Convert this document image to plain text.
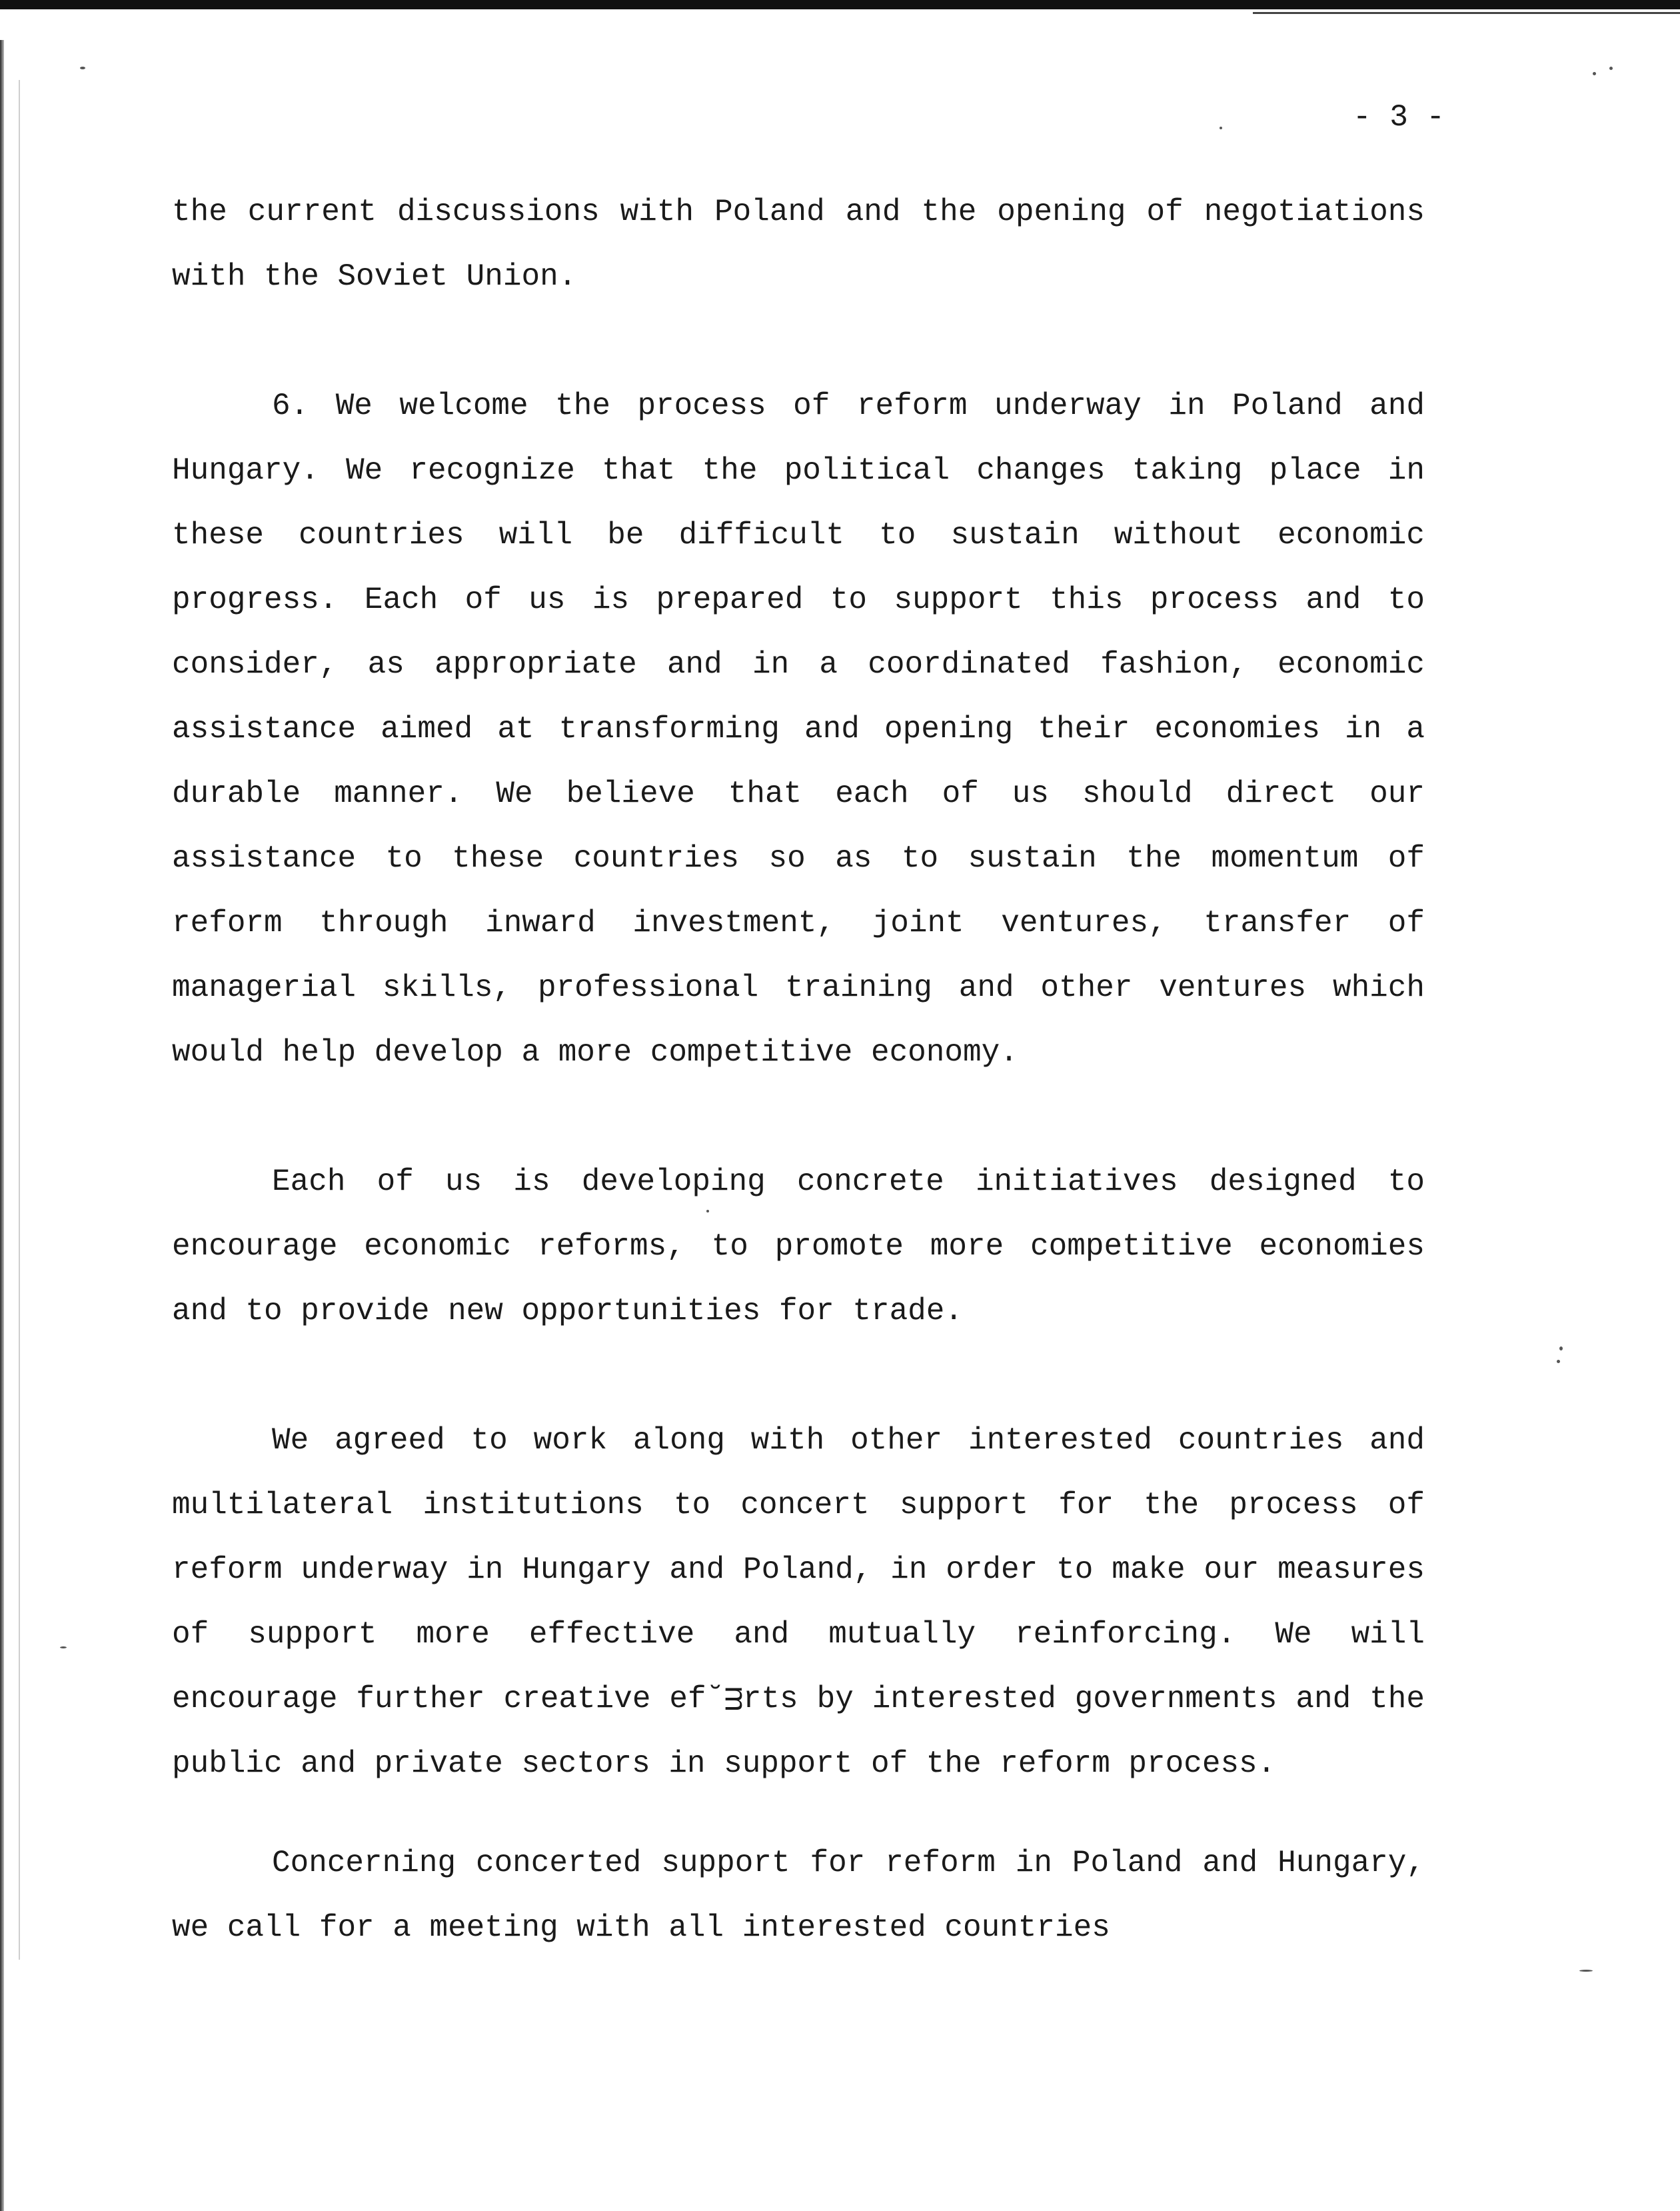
- 3 -

the current discussions with Poland and the opening of negotiations with the Soviet Union.

6. We welcome the process of reform underway in Poland and Hungary. We recognize that the political changes taking place in these countries will be difficult to sustain without economic progress. Each of us is prepared to support this process and to consider, as appropriate and in a coordinated fashion, economic assistance aimed at transforming and opening their economies in a durable manner. We believe that each of us should direct our assistance to these countries so as to sustain the momentum of reform through inward investment, joint ventures, transfer of managerial skills, professional training and other ventures which would help develop a more competitive economy.

Each of us is developing concrete initiatives designed to encourage economic reforms, to promote more competitive economies and to provide new opportunities for trade.

We agreed to work along with other interested countries and multilateral institutions to concert support for the process of reform underway in Hungary and Poland, in order to make our measures of support more effective and mutually reinforcing. We will encourage further creative ef˘ᴟrts by interested governments and the public and private sectors in support of the reform process.

Concerning concerted support for reform in Poland and Hungary, we call for a meeting with all interested countries
